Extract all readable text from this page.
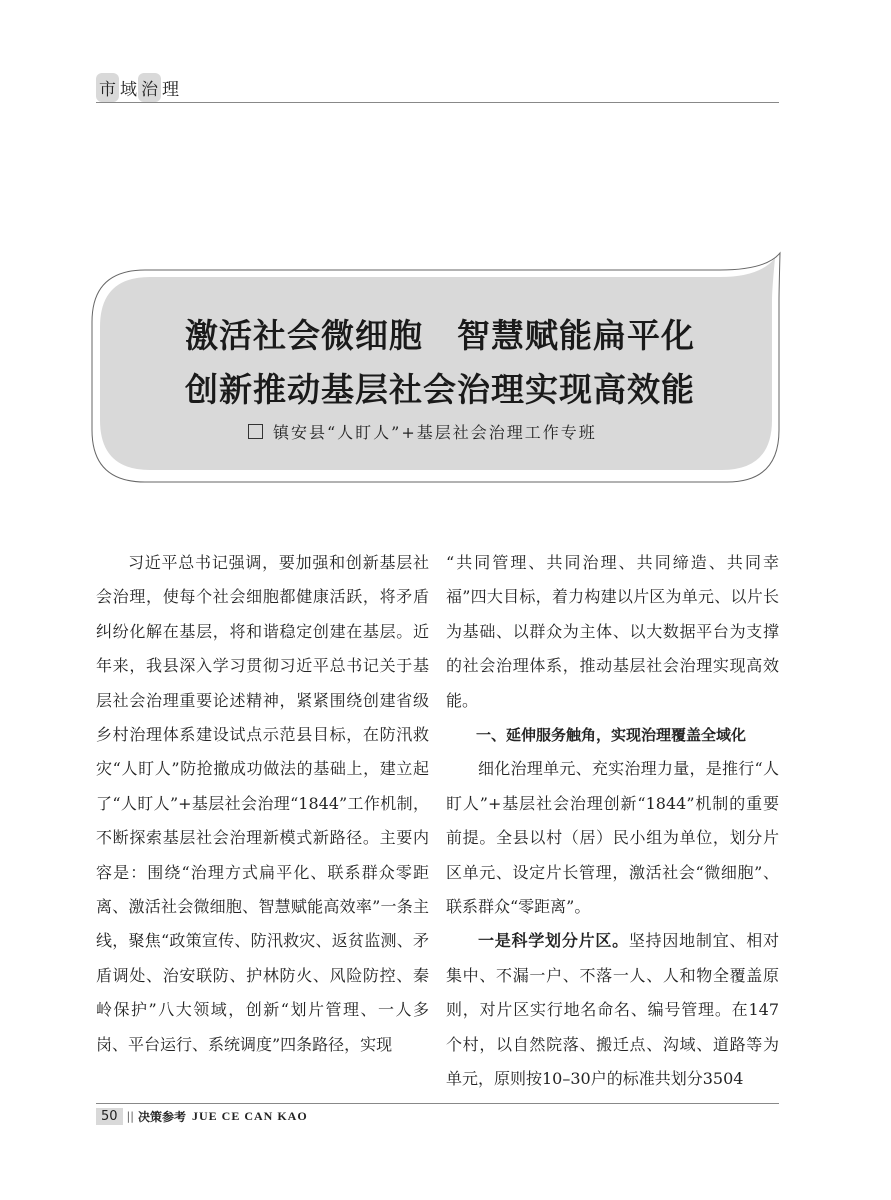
市 域 治 理
激活社会微细胞　智慧赋能扁平化
创新推动基层社会治理实现高效能
镇安县“人盯人”+基层社会治理工作专班

习近平总书记强调，要加强和创新基层社会治理，使每个社会细胞都健康活跃，将矛盾纠纷化解在基层，将和谐稳定创建在基层。近年来，我县深入学习贯彻习近平总书记关于基层社会治理重要论述精神，紧紧围绕创建省级乡村治理体系建设试点示范县目标，在防汛救灾“人盯人”防抢撤成功做法的基础上，建立起了“人盯人”+基层社会治理“1844”工作机制，不断探索基层社会治理新模式新路径。主要内容是：围绕“治理方式扁平化、联系群众零距离、激活社会微细胞、智慧赋能高效率”一条主线，聚焦“政策宣传、防汛救灾、返贫监测、矛盾调处、治安联防、护林防火、风险防控、秦岭保护”八大领域，创新“划片管理、一人多岗、平台运行、系统调度”四条路径，实现

“共同管理、共同治理、共同缔造、共同幸福”四大目标，着力构建以片区为单元、以片长为基础、以群众为主体、以大数据平台为支撑的社会治理体系，推动基层社会治理实现高效能。

一、延伸服务触角，实现治理覆盖全域化

细化治理单元、充实治理力量，是推行“人盯人”+基层社会治理创新“1844”机制的重要前提。全县以村（居）民小组为单位，划分片区单元、设定片长管理，激活社会“微细胞”、联系群众“零距离”。

一是科学划分片区。坚持因地制宜、相对集中、不漏一户、不落一人、人和物全覆盖原则，对片区实行地名命名、编号管理。在147个村，以自然院落、搬迁点、沟域、道路等为单元，原则按10–30户的标准共划分3504

50 || 决策参考 JUE CE CAN KAO
